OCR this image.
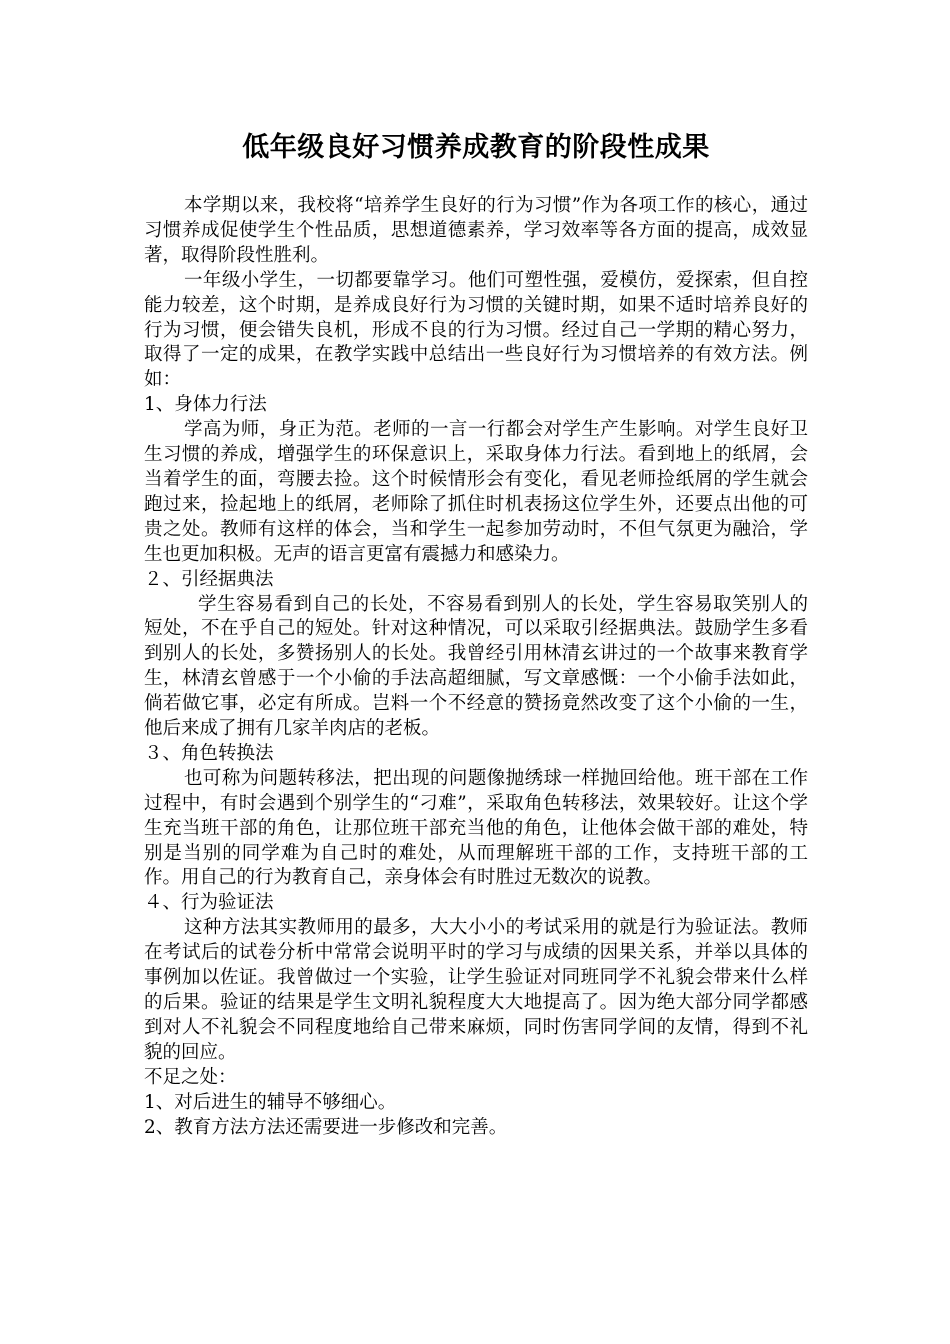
低年级良好习惯养成教育的阶段性成果

本学期以来，我校将“培养学生良好的行为习惯”作为各项工作的核心，通过习惯养成促使学生个性品质，思想道德素养，学习效率等各方面的提高，成效显著，取得阶段性胜利。

一年级小学生，一切都要靠学习。他们可塑性强，爱模仿，爱探索，但自控能力较差，这个时期，是养成良好行为习惯的关键时期，如果不适时培养良好的行为习惯，便会错失良机，形成不良的行为习惯。经过自己一学期的精心努力，取得了一定的成果，在教学实践中总结出一些良好行为习惯培养的有效方法。例如：

1、身体力行法

学高为师，身正为范。老师的一言一行都会对学生产生影响。对学生良好卫生习惯的养成，增强学生的环保意识上，采取身体力行法。看到地上的纸屑，会当着学生的面，弯腰去捡。这个时候情形会有变化，看见老师捡纸屑的学生就会跑过来，捡起地上的纸屑，老师除了抓住时机表扬这位学生外，还要点出他的可贵之处。教师有这样的体会，当和学生一起参加劳动时，不但气氛更为融洽，学生也更加积极。无声的语言更富有震撼力和感染力。

２、引经据典法

学生容易看到自己的长处，不容易看到别人的长处，学生容易取笑别人的短处，不在乎自己的短处。针对这种情况，可以采取引经据典法。鼓励学生多看到别人的长处，多赞扬别人的长处。我曾经引用林清玄讲过的一个故事来教育学生，林清玄曾感于一个小偷的手法高超细腻，写文章感慨：一个小偷手法如此，倘若做它事，必定有所成。岂料一个不经意的赞扬竟然改变了这个小偷的一生，他后来成了拥有几家羊肉店的老板。

３、角色转换法

也可称为问题转移法，把出现的问题像抛绣球一样抛回给他。班干部在工作过程中，有时会遇到个别学生的“刁难”，采取角色转移法，效果较好。让这个学生充当班干部的角色，让那位班干部充当他的角色，让他体会做干部的难处，特别是当别的同学难为自己时的难处，从而理解班干部的工作，支持班干部的工作。用自己的行为教育自己，亲身体会有时胜过无数次的说教。

４、行为验证法

这种方法其实教师用的最多，大大小小的考试采用的就是行为验证法。教师在考试后的试卷分析中常常会说明平时的学习与成绩的因果关系，并举以具体的事例加以佐证。我曾做过一个实验，让学生验证对同班同学不礼貌会带来什么样的后果。验证的结果是学生文明礼貌程度大大地提高了。因为绝大部分同学都感到对人不礼貌会不同程度地给自己带来麻烦，同时伤害同学间的友情，得到不礼貌的回应。

不足之处：

1、对后进生的辅导不够细心。

2、教育方法方法还需要进一步修改和完善。
